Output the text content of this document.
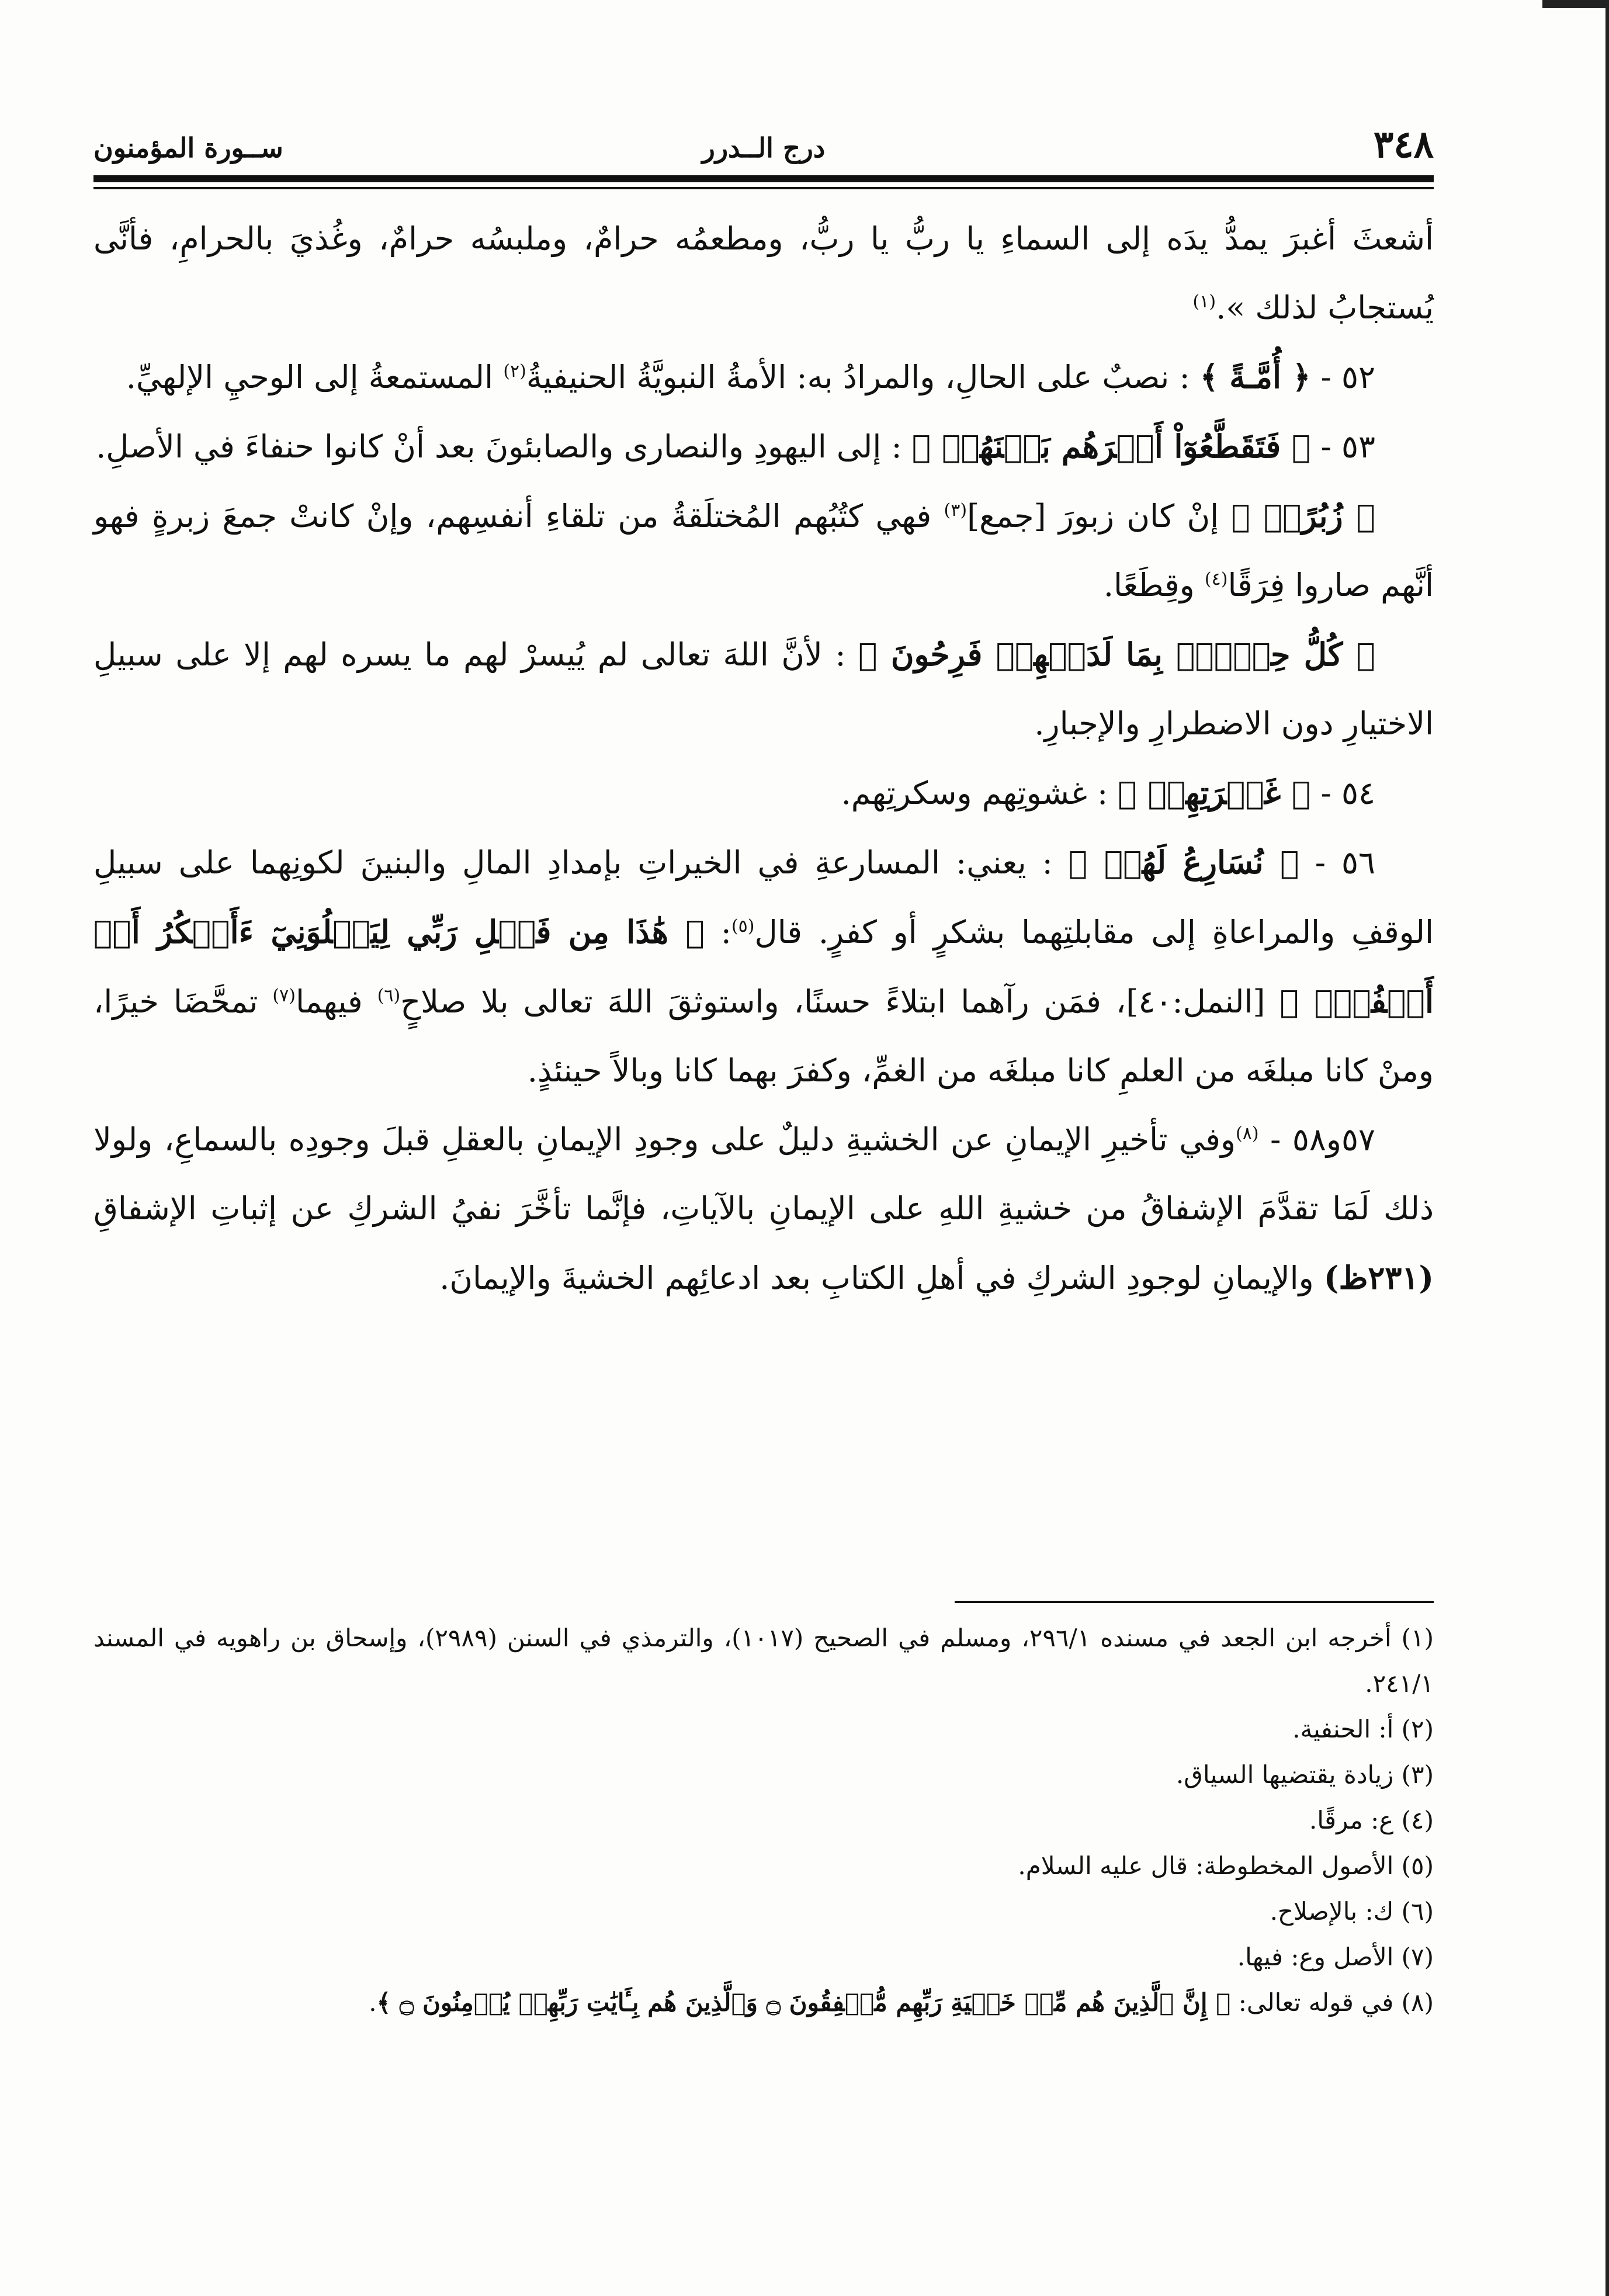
٣٤٨
درج الــدرر
ســورة المؤمنون

أشعثَ أغبرَ يمدُّ يدَه إلى السماءِ يا ربُّ يا ربُّ، ومطعمُه حرامٌ، وملبسُه حرامٌ، وغُذيَ بالحرامِ، فأنَّى يُستجابُ لذلك ».$^{(١)}$

٥٢ - ﴿ أُمَّـةً ﴾ : نصبٌ على الحالِ، والمرادُ به: الأمةُ النبويَّةُ الحنيفيةُ$^{(٢)}$ المستمعةُ إلى الوحيِ الإلهيِّ.

٥٣ - ﴿ فَتَقَطَّعُوٓاْ أَمۡرَهُم بَيۡنَهُمۡ ﴾ : إلى اليهودِ والنصارى والصابئونَ بعد أنْ كانوا حنفاءَ في الأصلِ.

﴿ زُبُرًاۖ ﴾ إنْ كان زبورَ [جمع]$^{(٣)}$ فهي كتُبُهم المُختلَقةُ من تلقاءِ أنفسِهم، وإنْ كانتْ جمعَ زبرةٍ فهو أنَّهم صاروا فِرَقًا$^{(٤)}$ وقِطَعًا.

﴿ كُلُّ حِزۡبِۭ بِمَا لَدَيۡهِمۡ فَرِحُونَ ﴾ : لأنَّ اللهَ تعالى لم يُيسرْ لهم ما يسره لهم إلا على سبيلِ الاختيارِ دون الاضطرارِ والإجبارِ.

٥٤ - ﴿ غَمۡرَتِهِمۡ ﴾ : غشوتِهم وسكرتِهم.

٥٦ - ﴿ نُسَارِعُ لَهُمۡ ﴾ : يعني: المسارعةِ في الخيراتِ بإمدادِ المالِ والبنينَ لكونِهما على سبيلِ الوقفِ والمراعاةِ إلى مقابلتِهما بشكرٍ أو كفرٍ. قال$^{(٥)}$: ﴿ هَٰذَا مِن فَضۡلِ رَبِّي لِيَبۡلُوَنِيٓ ءَأَشۡكُرُ أَمۡ أَكۡفُرُۖ ﴾ [النمل:٤٠]، فمَن رآهما ابتلاءً حسنًا، واستوثقَ اللهَ تعالى بلا صلاحٍ$^{(٦)}$ فيهما$^{(٧)}$ تمحَّضَا خيرًا، ومنْ كانا مبلغَه من العلمِ كانا مبلغَه من الغمِّ، وكفرَ بهما كانا وبالاً حينئذٍ.

٥٧و٥٨ - $^{(٨)}$وفي تأخيرِ الإيمانِ عن الخشيةِ دليلٌ على وجودِ الإيمانِ بالعقلِ قبلَ وجودِه بالسماعِ، ولولا ذلك لَمَا تقدَّمَ الإشفاقُ من خشيةِ اللهِ على الإيمانِ بالآياتِ، فإنَّما تأخَّرَ نفيُ الشركِ عن إثباتِ الإشفاقِ (٢٣١ظ) والإيمانِ لوجودِ الشركِ في أهلِ الكتابِ بعد ادعائِهم الخشيةَ والإيمانَ.

(١) أخرجه ابن الجعد في مسنده ٢٩٦/١، ومسلم في الصحيح (١٠١٧)، والترمذي في السنن (٢٩٨٩)، وإسحاق بن راهويه في المسند ٢٤١/١.

(٢) أ: الحنفية.

(٣) زيادة يقتضيها السياق.

(٤) ع: مرقًا.

(٥) الأصول المخطوطة: قال عليه السلام.

(٦) ك: بالإصلاح.

(٧) الأصل وع: فيها.

(٨) في قوله تعالى: ﴿ إِنَّ ٱلَّذِينَ هُم مِّنۡ خَشۡيَةِ رَبِّهِم مُّشۡفِقُونَ ۝ وَٱلَّذِينَ هُم بِـَٔايَٰتِ رَبِّهِمۡ يُؤۡمِنُونَ ۝ ﴾.
